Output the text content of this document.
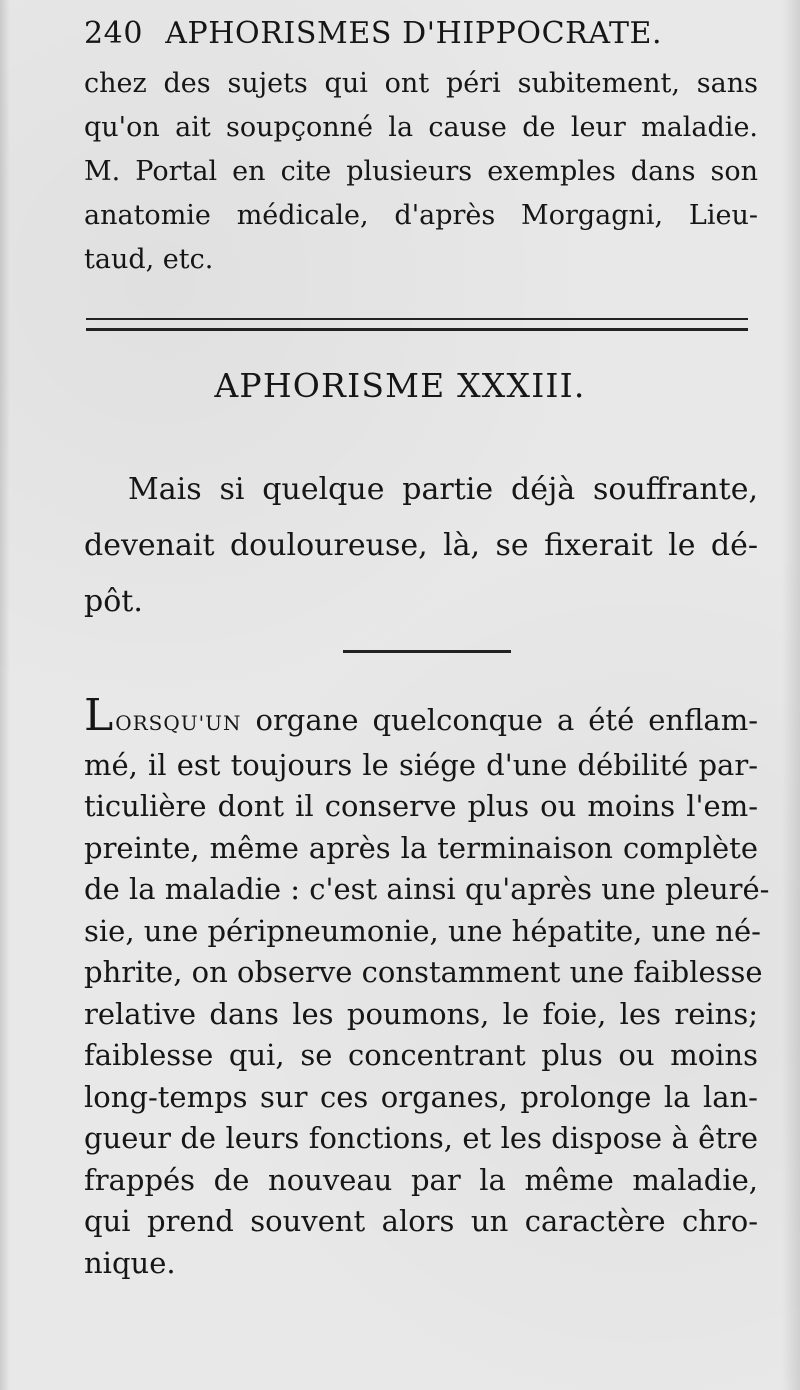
240 APHORISMES D'HIPPOCRATE.
chez des sujets qui ont péri subitement, sans
qu'on ait soupçonné la cause de leur maladie.
M. Portal en cite plusieurs exemples dans son
anatomie médicale, d'après Morgagni, Lieu-
taud, etc.
APHORISME XXXIII.
Mais si quelque partie déjà souffrante,
devenait douloureuse, là, se fixerait le dé-
pôt.
LORSQU'UN organe quelconque a été enflam-
mé, il est toujours le siége d'une débilité par-
ticulière dont il conserve plus ou moins l'em-
preinte, même après la terminaison complète
de la maladie : c'est ainsi qu'après une pleuré-
sie, une péripneumonie, une hépatite, une né-
phrite, on observe constamment une faiblesse
relative dans les poumons, le foie, les reins;
faiblesse qui, se concentrant plus ou moins
long-temps sur ces organes, prolonge la lan-
gueur de leurs fonctions, et les dispose à être
frappés de nouveau par la même maladie,
qui prend souvent alors un caractère chro-
nique.
